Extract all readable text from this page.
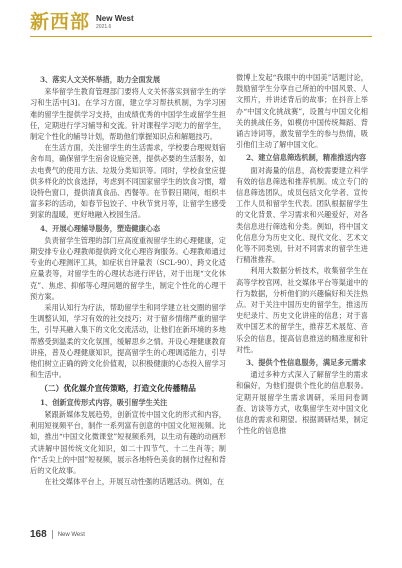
新西部 New West
2021.6

3、落实人文关怀举措，助力全面发展

来华留学生教育管理部门要将人文关怀落实到留学生的学习和生活中[3]。在学习方面，建立学习帮扶机制，为学习困难的留学生提供学习支持，由成绩优秀的中国学生或留学生担任，定期进行学习辅导和交流。针对课程学习吃力的留学生，制定个性化的辅导计划，帮助他们掌握知识点和解题技巧。

在生活方面，关注留学生的生活需求，学校要合理规划宿舍布局，确保留学生宿舍设施完善，提供必要的生活服务，如去电费气的使用方法、垃圾分类知识等。同时，学校食堂应提供多样化的饮食选择，考虑到不同国家留学生的饮食习惯，增设特色窗口，提供清真食品、西餐等。在节假日期间，组织丰富多彩的活动，如春节包饺子、中秋节赏月等，让留学生感受到家的温暖，更好地融入校园生活。

4、开展心理辅导服务，塑造健康心态

负责留学生管理的部门应高度重视留学生的心理健康，定期安排专业心理教师提供跨文化心理咨询服务。心理教师通过专业的心理测评工具，如症状自评量表（SCL-90）、跨文化适应量表等，对留学生的心理状态进行评估，对于出现“文化休克”、焦虑、抑郁等心理问题的留学生，制定个性化的心理干预方案。

采用认知行为疗法，帮助留学生和同学建立社交圈的留学生调整认知，学习有效的社交技巧；对于留乡情绪严重的留学生，引导其融入集下的文化交流活动，让他们在新环境的多地帮感受到温柔的文化氛围，缓解思乡之情。开设心理健康教育讲座，普及心理健康知识，提高留学生的心理调适能力，引导他们树立正确的跨文化价值观，以积极健康的心态投入留学习和生活中。

（二）优化媒介宣传策略，打造文化传播精品

1、创新宣传形式内容，吸引留学生关注

紧跟新媒体发展趋势，创新宣传中国文化的形式和内容，利用短视频平台，制作一系列富有创意的中国文化短视频。比如，推出“中国文化微课堂”短视频系列，以生动有趣的动画形式讲解中国传统文化知识，如二十四节气、十二生肖等；制作“舌尖上的中国”短视频，展示各地特色美食的制作过程和背后的文化故事。

在社交媒体平台上，开展互动性强的话题活动。例如，在

微博上发起“我眼中的中国美”话题讨论，鼓励留学生分享自己所拍的中国风景、人文照片，并讲述背后的故事；在抖音上举办“中国文化挑战赛”，设置与中国文化相关的挑战任务，如模仿中国传统舞蹈、背诵古诗词等，激发留学生的参与热情，吸引他们主动了解中国文化。

2、建立信息筛选机制，精准推送内容

面对海量的信息，高校需要建立科学有效的信息筛选和推荐机制。成立专门的信息筛选团队，成员包括文化学者、宣传工作人员和留学生代表。团队根据留学生的文化背景、学习需求和兴趣爱好，对各类信息进行筛选和分类。例如，将中国文化信息分为历史文化、现代文化、艺术文化等不同类别，针对不同需求的留学生进行精准推荐。

利用大数据分析技术，收集留学生在高等学校官网、社交媒体平台等渠道中的行为数据，分析他们的兴趣偏好和关注热点。对于关注中国历史的留学生，推送历史纪录片、历史文化讲座的信息；对于喜欢中国艺术的留学生，推荐艺术展览、音乐会的信息，提高信息推送的精准度和针对性。

3、提供个性信息服务，满足多元需求

通过多种方式深入了解留学生的需求和偏好，为他们提供个性化的信息服务。定期开展留学生需求调研，采用问卷调查、访谈等方式，收集留学生对中国文化信息的需求和期望。根据调研结果，制定个性化的信息推

168 New West
